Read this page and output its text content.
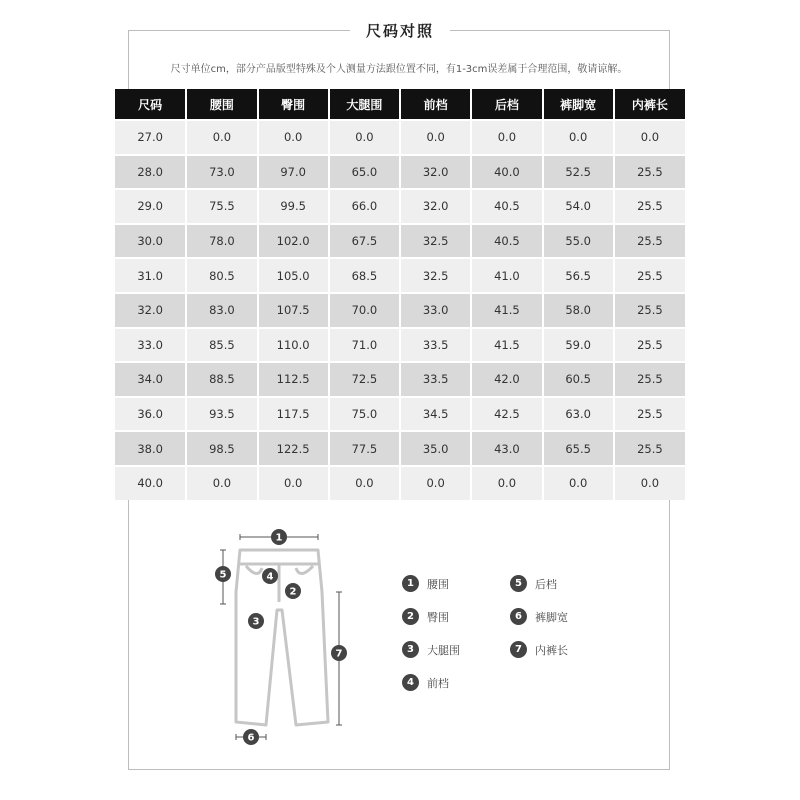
尺码对照
尺寸单位cm，部分产品版型特殊及个人测量方法跟位置不同，有1-3cm误差属于合理范围，敬请谅解。
尺码	腰围	臀围	大腿围	前档	后档	裤脚宽	内裤长
27.0	0.0	0.0	0.0	0.0	0.0	0.0	0.0
28.0	73.0	97.0	65.0	32.0	40.0	52.5	25.5
29.0	75.5	99.5	66.0	32.0	40.5	54.0	25.5
30.0	78.0	102.0	67.5	32.5	40.5	55.0	25.5
31.0	80.5	105.0	68.5	32.5	41.0	56.5	25.5
32.0	83.0	107.5	70.0	33.0	41.5	58.0	25.5
33.0	85.5	110.0	71.0	33.5	41.5	59.0	25.5
34.0	88.5	112.5	72.5	33.5	42.0	60.5	25.5
36.0	93.5	117.5	75.0	34.5	42.5	63.0	25.5
38.0	98.5	122.5	77.5	35.0	43.0	65.5	25.5
40.0	0.0	0.0	0.0	0.0	0.0	0.0	0.0
1
2
3
4
5
6
7
1	腰围
2	臀围
3	大腿围
4	前档
5	后档
6	裤脚宽
7	内裤长
